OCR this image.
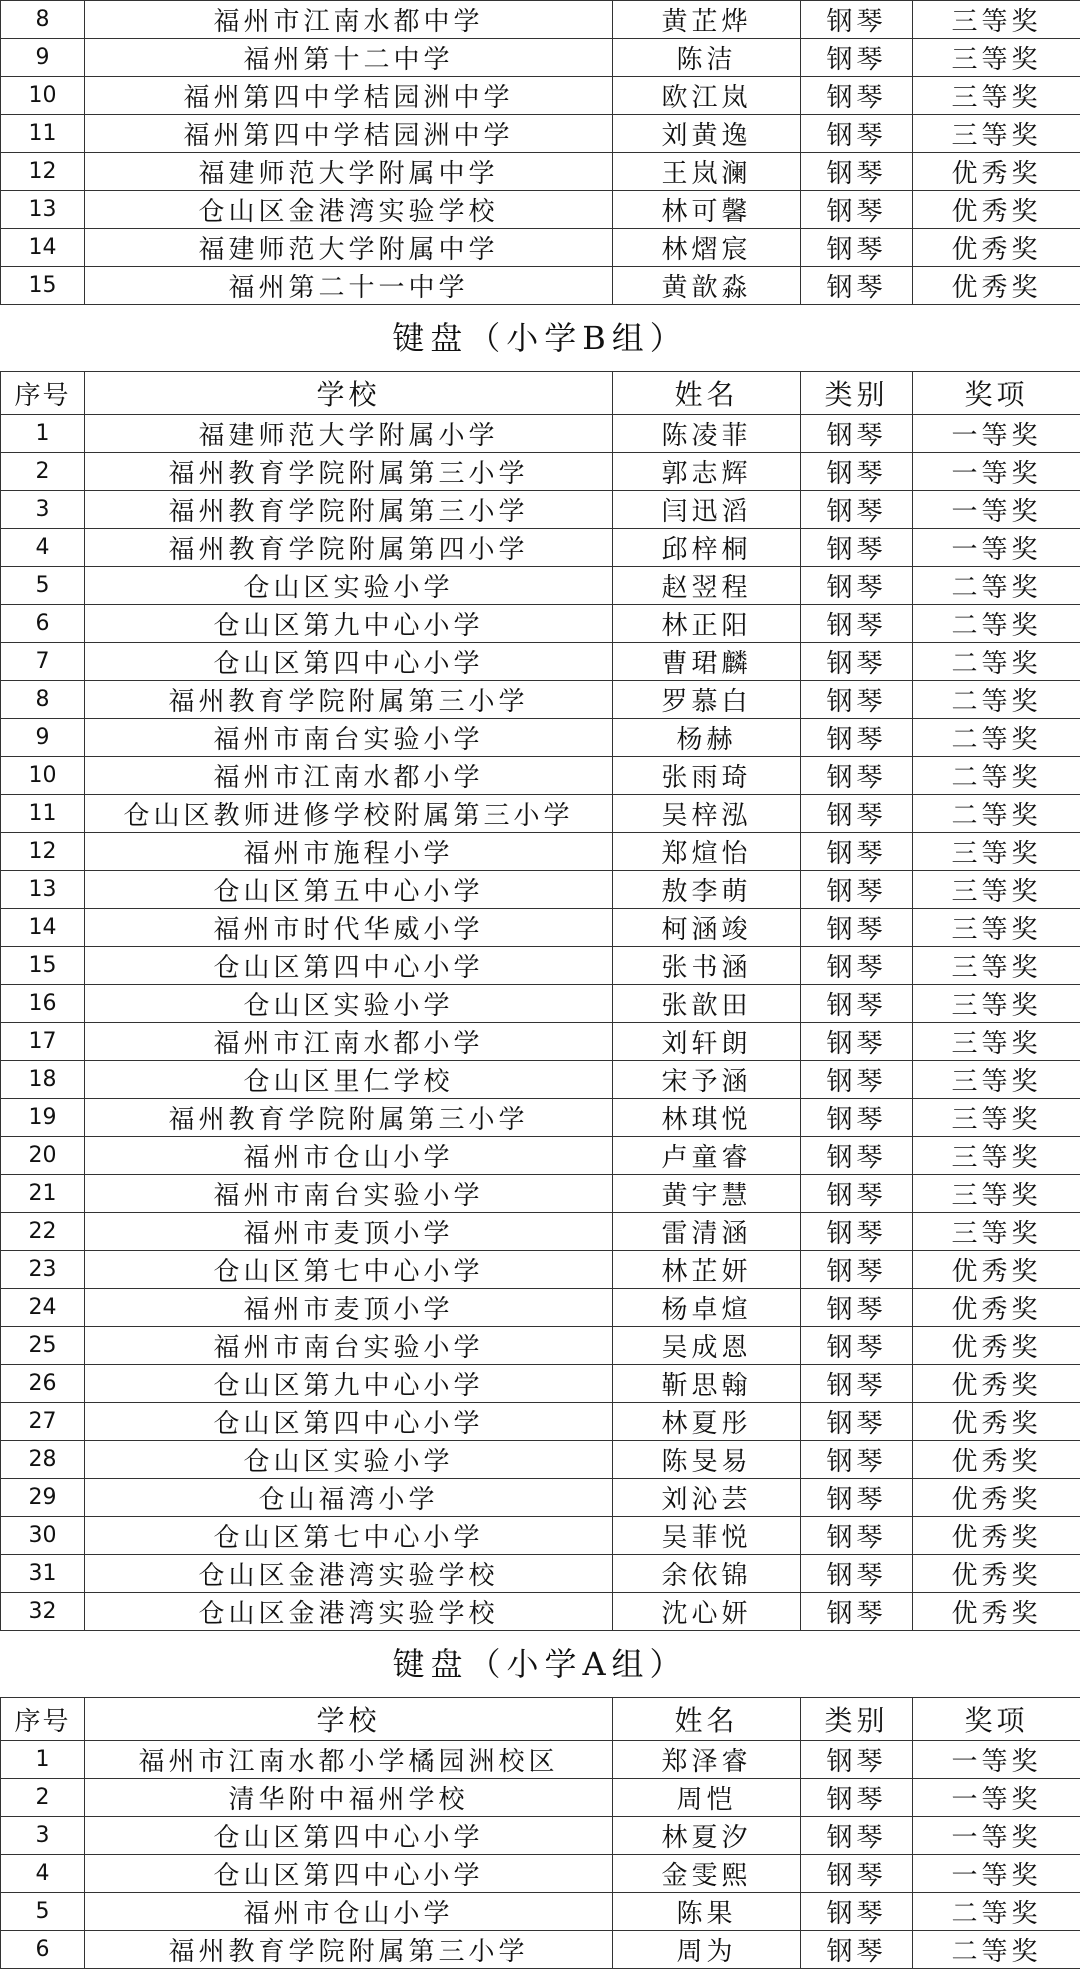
8	福州市江南水都中学	黄芷烨	钢琴	三等奖
9	福州第十二中学	陈洁	钢琴	三等奖
10	福州第四中学桔园洲中学	欧江岚	钢琴	三等奖
11	福州第四中学桔园洲中学	刘黄逸	钢琴	三等奖
12	福建师范大学附属中学	王岚澜	钢琴	优秀奖
13	仓山区金港湾实验学校	林可馨	钢琴	优秀奖
14	福建师范大学附属中学	林熠宸	钢琴	优秀奖
15	福州第二十一中学	黄歆淼	钢琴	优秀奖
键盘（小学B组）
序号	学校	姓名	类别	奖项
1	福建师范大学附属小学	陈凌菲	钢琴	一等奖
2	福州教育学院附属第三小学	郭志辉	钢琴	一等奖
3	福州教育学院附属第三小学	闫迅滔	钢琴	一等奖
4	福州教育学院附属第四小学	邱梓桐	钢琴	一等奖
5	仓山区实验小学	赵翌程	钢琴	二等奖
6	仓山区第九中心小学	林正阳	钢琴	二等奖
7	仓山区第四中心小学	曹珺麟	钢琴	二等奖
8	福州教育学院附属第三小学	罗慕白	钢琴	二等奖
9	福州市南台实验小学	杨赫	钢琴	二等奖
10	福州市江南水都小学	张雨琦	钢琴	二等奖
11	仓山区教师进修学校附属第三小学	吴梓泓	钢琴	二等奖
12	福州市施程小学	郑煊怡	钢琴	三等奖
13	仓山区第五中心小学	敖李萌	钢琴	三等奖
14	福州市时代华威小学	柯涵竣	钢琴	三等奖
15	仓山区第四中心小学	张书涵	钢琴	三等奖
16	仓山区实验小学	张歆田	钢琴	三等奖
17	福州市江南水都小学	刘轩朗	钢琴	三等奖
18	仓山区里仁学校	宋予涵	钢琴	三等奖
19	福州教育学院附属第三小学	林琪悦	钢琴	三等奖
20	福州市仓山小学	卢童睿	钢琴	三等奖
21	福州市南台实验小学	黄宇慧	钢琴	三等奖
22	福州市麦顶小学	雷清涵	钢琴	三等奖
23	仓山区第七中心小学	林芷妍	钢琴	优秀奖
24	福州市麦顶小学	杨卓煊	钢琴	优秀奖
25	福州市南台实验小学	吴成恩	钢琴	优秀奖
26	仓山区第九中心小学	靳思翰	钢琴	优秀奖
27	仓山区第四中心小学	林夏彤	钢琴	优秀奖
28	仓山区实验小学	陈旻易	钢琴	优秀奖
29	仓山福湾小学	刘沁芸	钢琴	优秀奖
30	仓山区第七中心小学	吴菲悦	钢琴	优秀奖
31	仓山区金港湾实验学校	余依锦	钢琴	优秀奖
32	仓山区金港湾实验学校	沈心妍	钢琴	优秀奖
键盘（小学A组）
序号	学校	姓名	类别	奖项
1	福州市江南水都小学橘园洲校区	郑泽睿	钢琴	一等奖
2	清华附中福州学校	周恺	钢琴	一等奖
3	仓山区第四中心小学	林夏汐	钢琴	一等奖
4	仓山区第四中心小学	金雯熙	钢琴	一等奖
5	福州市仓山小学	陈果	钢琴	二等奖
6	福州教育学院附属第三小学	周为	钢琴	二等奖
